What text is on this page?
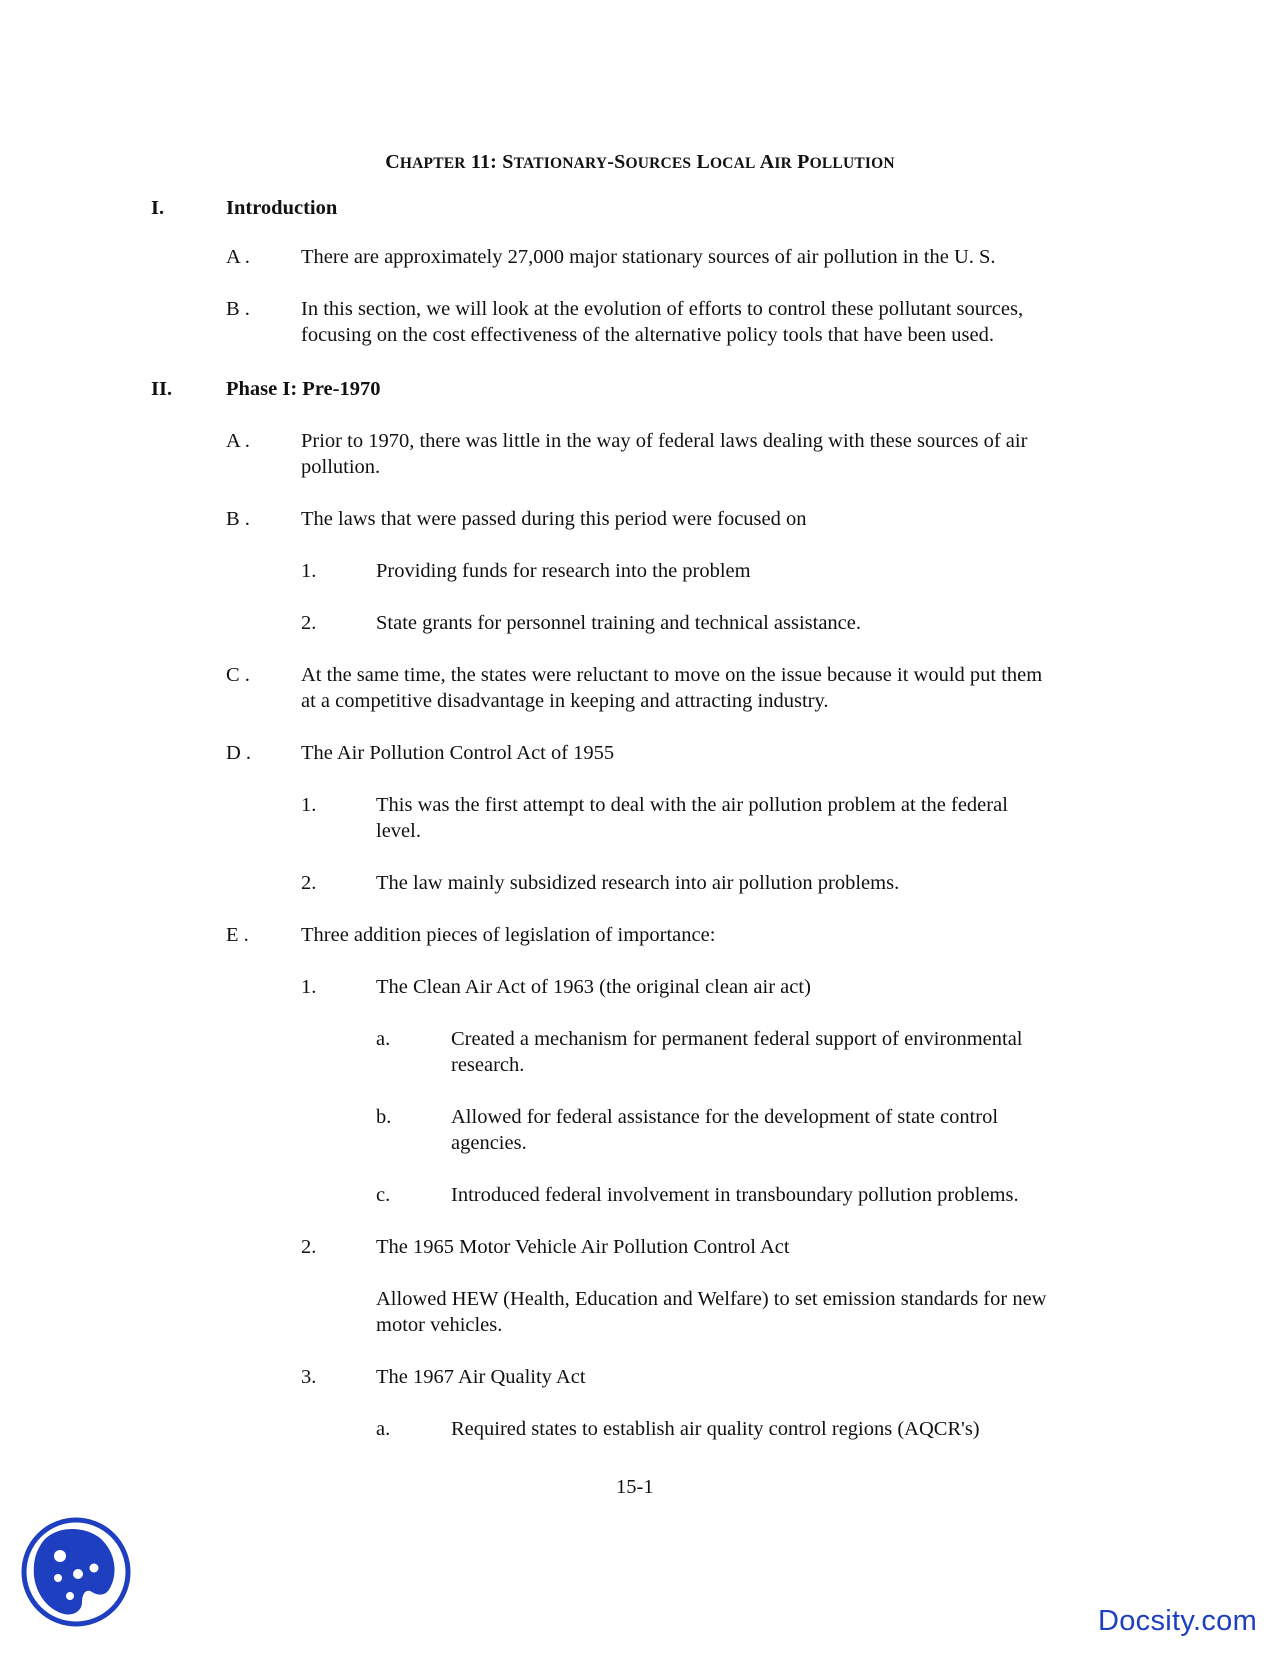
CHAPTER 11: STATIONARY-SOURCES LOCAL AIR POLLUTION
I.	Introduction
A . There are approximately 27,000 major stationary sources of air pollution in the U. S.
B . In this section, we will look at the evolution of efforts to control these pollutant sources,
focusing on the cost effectiveness of the alternative policy tools that have been used.
II.	Phase I: Pre-1970
A . Prior to 1970, there was little in the way of federal laws dealing with these sources of air
pollution.
B . The laws that were passed during this period were focused on
1.	Providing funds for research into the problem
2.	State grants for personnel training and technical assistance.
C . At the same time, the states were reluctant to move on the issue because it would put them
at a competitive disadvantage in keeping and attracting industry.
D . The Air Pollution Control Act of 1955
1.	This was the first attempt to deal with the air pollution problem at the federal
level.
2.	The law mainly subsidized research into air pollution problems.
E .	Three addition pieces of legislation of importance:
1.	The Clean Air Act of 1963 (the original clean air act)
a.	Created a mechanism for permanent federal support of environmental
research.
b.	Allowed for federal assistance for the development of state control
agencies.
c.	Introduced federal involvement in transboundary pollution problems.
2.	The 1965 Motor Vehicle Air Pollution Control Act
Allowed HEW (Health, Education and Welfare) to set emission standards for new
motor vehicles.
3.	The 1967 Air Quality Act
a.	Required states to establish air quality control regions (AQCR's)
15-1
Docsity.com
